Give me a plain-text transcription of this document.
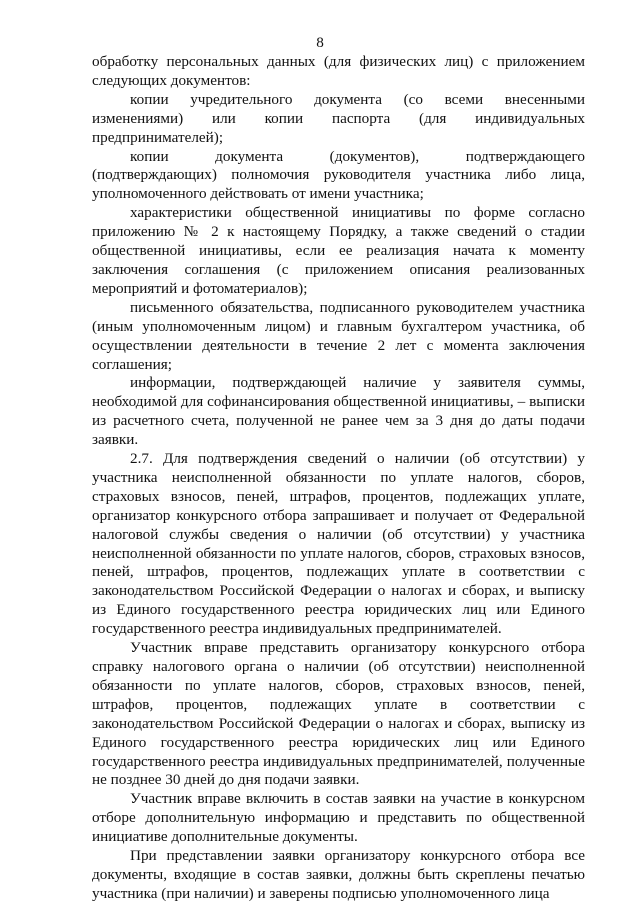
8

обработку персональных данных (для физических лиц) с приложением следующих документов:

копии учредительного документа (со всеми внесенными изменениями) или копии паспорта (для индивидуальных предпринимателей);

копии документа (документов), подтверждающего (подтверждающих) полномочия руководителя участника либо лица, уполномоченного действовать от имени участника;

характеристики общественной инициативы по форме согласно приложению № 2 к настоящему Порядку, а также сведений о стадии общественной инициативы, если ее реализация начата к моменту заключения соглашения (с приложением описания реализованных мероприятий и фотоматериалов);

письменного обязательства, подписанного руководителем участника (иным уполномоченным лицом) и главным бухгалтером участника, об осуществлении деятельности в течение 2 лет с момента заключения соглашения;

информации, подтверждающей наличие у заявителя суммы, необходимой для софинансирования общественной инициативы, – выписки из расчетного счета, полученной не ранее чем за 3 дня до даты подачи заявки.

2.7. Для подтверждения сведений о наличии (об отсутствии) у участника неисполненной обязанности по уплате налогов, сборов, страховых взносов, пеней, штрафов, процентов, подлежащих уплате, организатор конкурсного отбора запрашивает и получает от Федеральной налоговой службы сведения о наличии (об отсутствии) у участника неисполненной обязанности по уплате налогов, сборов, страховых взносов, пеней, штрафов, процентов, подлежащих уплате в соответствии с законодательством Российской Федерации о налогах и сборах, и выписку из Единого государственного реестра юридических лиц или Единого государственного реестра индивидуальных предпринимателей.

Участник вправе представить организатору конкурсного отбора справку налогового органа о наличии (об отсутствии) неисполненной обязанности по уплате налогов, сборов, страховых взносов, пеней, штрафов, процентов, подлежащих уплате в соответствии с законодательством Российской Федерации о налогах и сборах, выписку из Единого государственного реестра юридических лиц или Единого государственного реестра индивидуальных предпринимателей, полученные не позднее 30 дней до дня подачи заявки.

Участник вправе включить в состав заявки на участие в конкурсном отборе дополнительную информацию и представить по общественной инициативе дополнительные документы.

При представлении заявки организатору конкурсного отбора все документы, входящие в состав заявки, должны быть скреплены печатью участника (при наличии) и заверены подписью уполномоченного лица
